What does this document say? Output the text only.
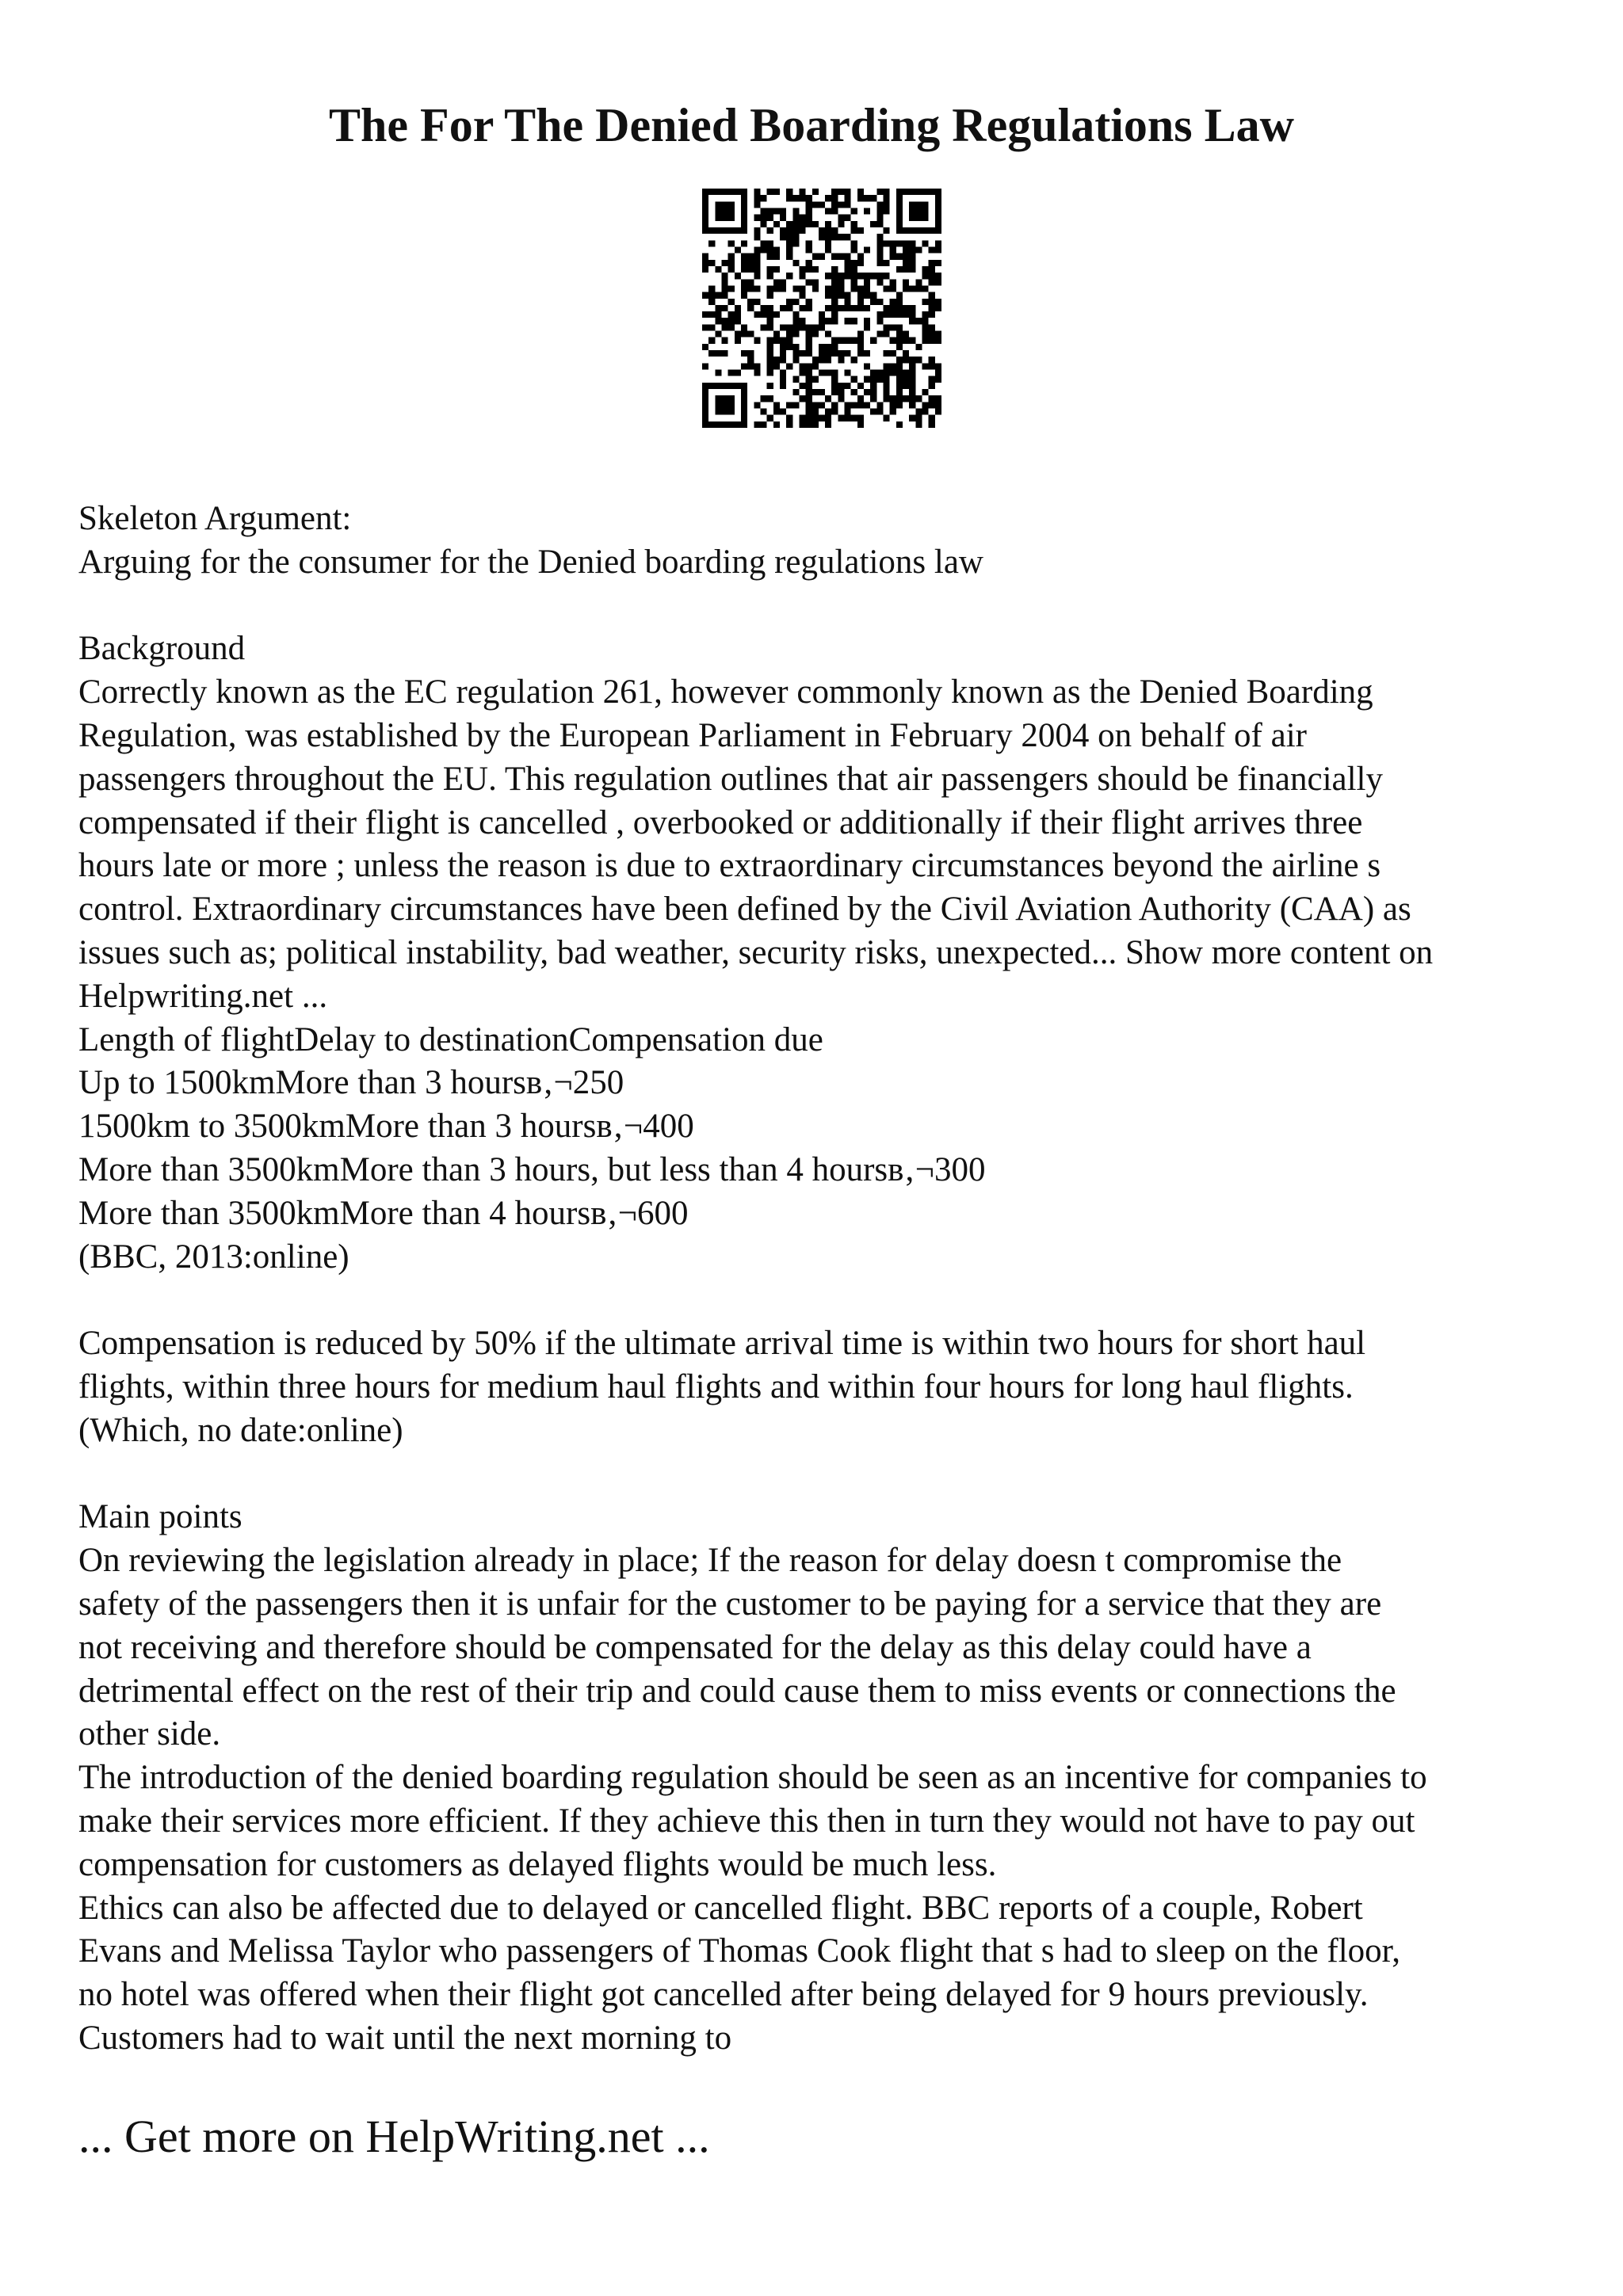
The For The Denied Boarding Regulations Law
Skeleton Argument:
Arguing for the consumer for the Denied boarding regulations law
Background
Correctly known as the EC regulation 261, however commonly known as the Denied Boarding
Regulation, was established by the European Parliament in February 2004 on behalf of air
passengers throughout the EU. This regulation outlines that air passengers should be financially
compensated if their flight is cancelled , overbooked or additionally if their flight arrives three
hours late or more ; unless the reason is due to extraordinary circumstances beyond the airline s
control. Extraordinary circumstances have been defined by the Civil Aviation Authority (CAA) as
issues such as; political instability, bad weather, security risks, unexpected... Show more content on
Helpwriting.net ...
Length of flightDelay to destinationCompensation due
Up to 1500kmMore than 3 hoursв‚¬250
1500km to 3500kmMore than 3 hoursв‚¬400
More than 3500kmMore than 3 hours, but less than 4 hoursв‚¬300
More than 3500kmMore than 4 hoursв‚¬600
(BBC, 2013:online)
Compensation is reduced by 50% if the ultimate arrival time is within two hours for short haul
flights, within three hours for medium haul flights and within four hours for long haul flights.
(Which, no date:online)
Main points
On reviewing the legislation already in place; If the reason for delay doesn t compromise the
safety of the passengers then it is unfair for the customer to be paying for a service that they are
not receiving and therefore should be compensated for the delay as this delay could have a
detrimental effect on the rest of their trip and could cause them to miss events or connections the
other side.
The introduction of the denied boarding regulation should be seen as an incentive for companies to
make their services more efficient. If they achieve this then in turn they would not have to pay out
compensation for customers as delayed flights would be much less.
Ethics can also be affected due to delayed or cancelled flight. BBC reports of a couple, Robert
Evans and Melissa Taylor who passengers of Thomas Cook flight that s had to sleep on the floor,
no hotel was offered when their flight got cancelled after being delayed for 9 hours previously.
Customers had to wait until the next morning to
... Get more on HelpWriting.net ...
